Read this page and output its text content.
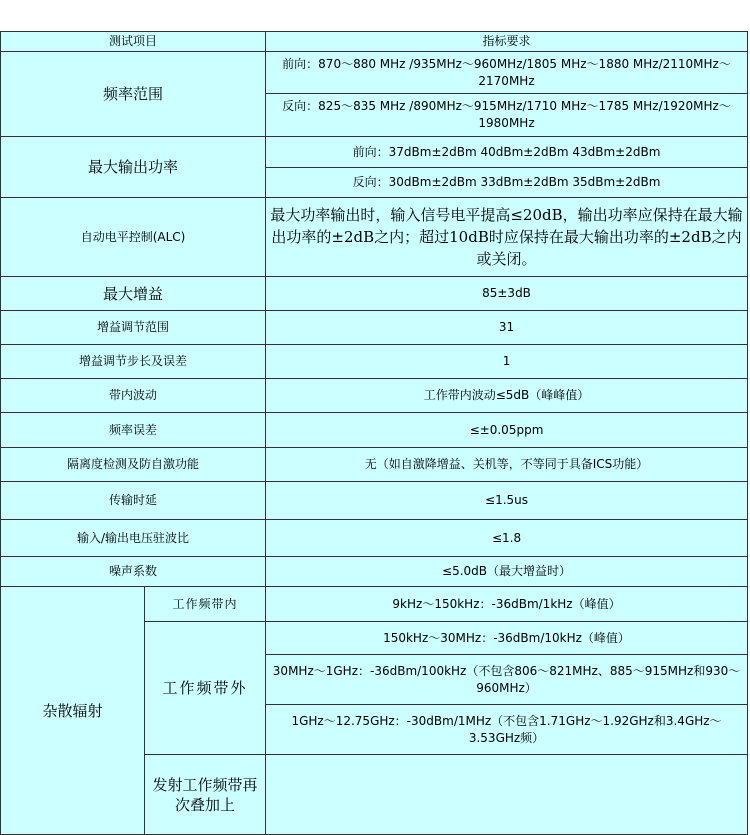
测试项目		指标要求
频率范围		前向：870～880 MHz /935MHz～960MHz/1805 MHz～1880 MHz/2110MHz～2170MHz
		反向：825～835 MHz /890MHz～915MHz/1710 MHz～1785 MHz/1920MHz～1980MHz
最大输出功率		前向：37dBm±2dBm 40dBm±2dBm 43dBm±2dBm
		反向：30dBm±2dBm 33dBm±2dBm 35dBm±2dBm
自动电平控制(ALC)		最大功率输出时，输入信号电平提高≤20dB，输出功率应保持在最大输出功率的±2dB之内；超过10dB时应保持在最大输出功率的±2dB之内或关闭。
最大增益		85±3dB
增益调节范围		31
增益调节步长及误差		1
带内波动		工作带内波动≤5dB（峰峰值）
频率误差		≤±0.05ppm
隔离度检测及防自激功能		无（如自激降增益、关机等，不等同于具备ICS功能）
传输时延		≤1.5us
输入/输出电压驻波比		≤1.8
噪声系数		≤5.0dB（最大增益时）
杂散辐射	工作频带内	9kHz～150kHz：-36dBm/1kHz（峰值）
	工作频带外	150kHz～30MHz：-36dBm/10kHz（峰值）
		30MHz～1GHz：-36dBm/100kHz（不包含806～821MHz、885～915MHz和930～960MHz）
		1GHz～12.75GHz：-30dBm/1MHz（不包含1.71GHz～1.92GHz和3.4GHz～3.53GHz频）
	发射工作频带再次叠加上	
